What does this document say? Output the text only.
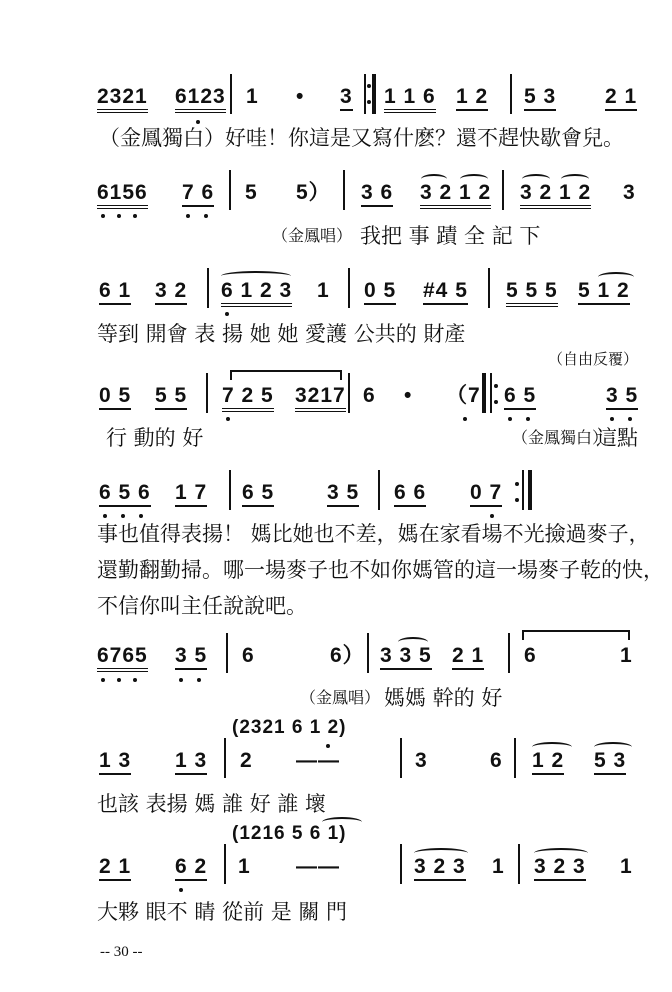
2321 6123 1 • 3 1 1 6 1 2 5 3 2 1
（金鳳獨白）好哇！你這是又寫什麽？還不趕快歇會兒。
6156 7 6 5 5） 3 6 3 2 1 2 3 2 1 2 3
（金鳳唱） 我把 事 蹟 全 記 下
6 1 3 2 6 1 2 3 1 0 5 #4 5 5 5 5 5 1 2
等到 開會 表 揚 她 她 愛護 公共的 財產
（自由反覆）
0 5 5 5 7 2 5 3217 6 • （7 6 5	3 5
行 動的 好	（金鳳獨白）
這點
6 5 6 1 7 6 5	3 5 6 6 0 7
事也值得表揚！ 媽比她也不差，媽在家看場不光撿過麥子，
還勤翻勤掃。哪一場麥子也不如你媽管的這一場麥子乾的快，
不信你叫主任說說吧。
6765 3 5 6	6） 3 3 5 2 1 6	1
（金鳳唱） 媽媽 幹的 好
(2321 6 1 2)
1 3 1 3 2 ——	3	6 1 2 5 3
也該 表揚 媽 誰 好 誰 壞
(1216 5 6 1)
2 1 6 2 1 ——	3 2 3 1 3 2 3 1
大夥 眼不 睛 從前 是 關 門
-- 30 --
